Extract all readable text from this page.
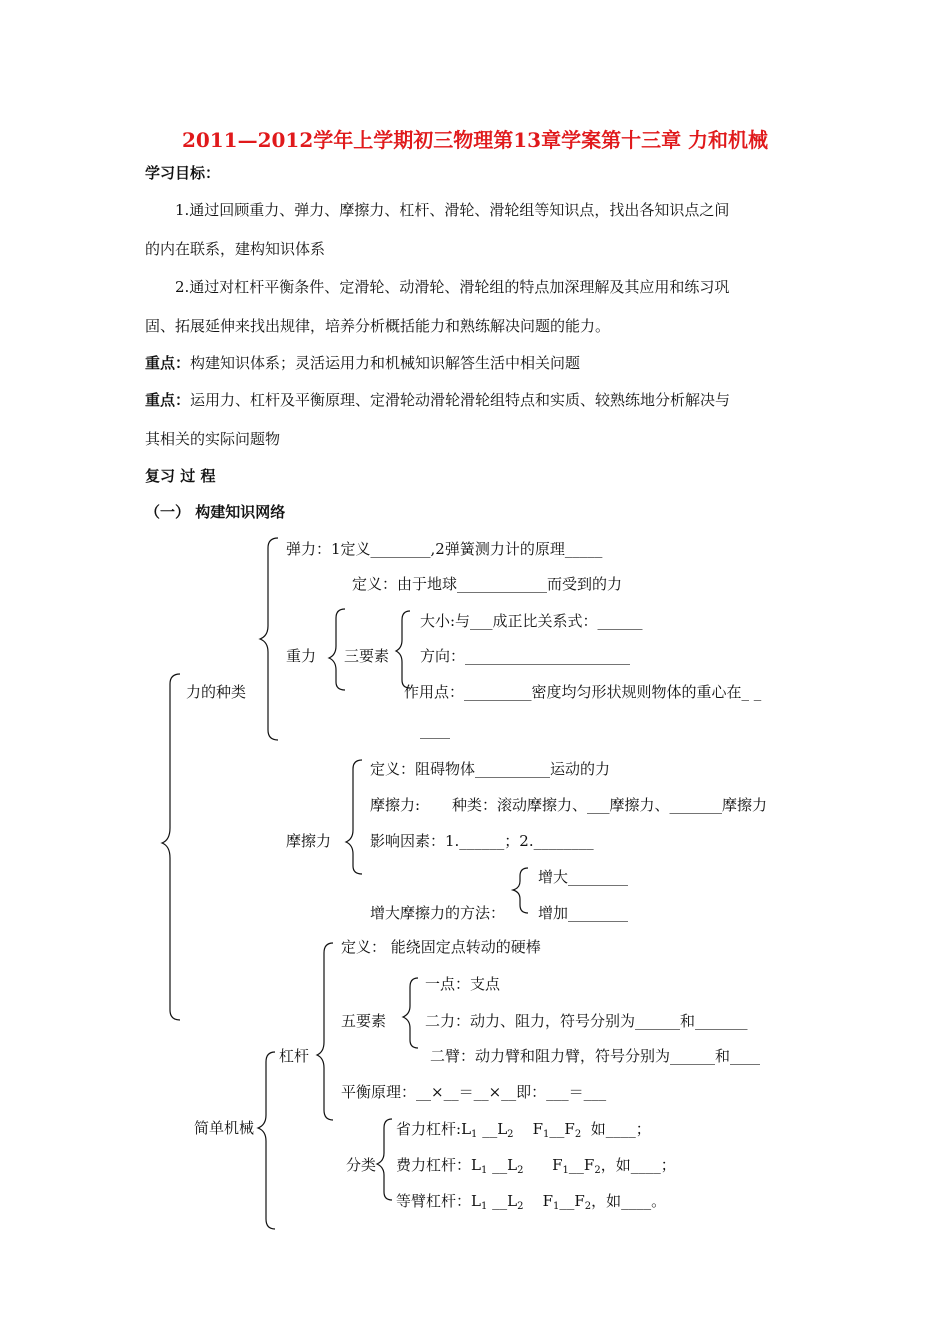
2011—2012学年上学期初三物理第13章学案第十三章 力和机械
学习目标：
1.通过回顾重力、弹力、摩擦力、杠杆、滑轮、滑轮组等知识点，找出各知识点之间
的内在联系，建构知识体系
2.通过对杠杆平衡条件、定滑轮、动滑轮、滑轮组的特点加深理解及其应用和练习巩
固、拓展延伸来找出规律，培养分析概括能力和熟练解决问题的能力。
重点：构建知识体系；灵活运用力和机械知识解答生活中相关问题
重点：运用力、杠杆及平衡原理、定滑轮动滑轮滑轮组特点和实质、较熟练地分析解决与
其相关的实际问题物
复习 过 程
（一） 构建知识网络
力的种类
弹力：1定义________,2弹簧测力计的原理_____
定义：由于地球____________而受到的力
重力 三要素
大小:与___成正比关系式：______
方向：______________________
作用点：_________密度均匀形状规则物体的重心在_ _
____
定义：阻碍物体__________运动的力
摩擦力: 种类：滚动摩擦力、___摩擦力、_______摩擦力
摩擦力	影响因素：1.______；2.________
增大摩擦力的方法：
增大________
增加________
定义： 能绕固定点转动的硬棒
一点：支点
五要素	二力：动力、阻力，符号分别为______和_______
二臂：动力臂和阻力臂，符号分别为______和____
杠杆
平衡原理：__×__＝__×__即：___＝___
简单机械
分类
省力杠杆$:L_1$ $\_\_L_2$ $F_1\_\_F_2$ 如____；
费力杠杆：$L_1$ $\_\_L_2$ $F_1\_\_F_2$，如____；
等臂杠杆：$L_1$ $\_\_L_2$ $F_1\_\_F_2$，如____。
